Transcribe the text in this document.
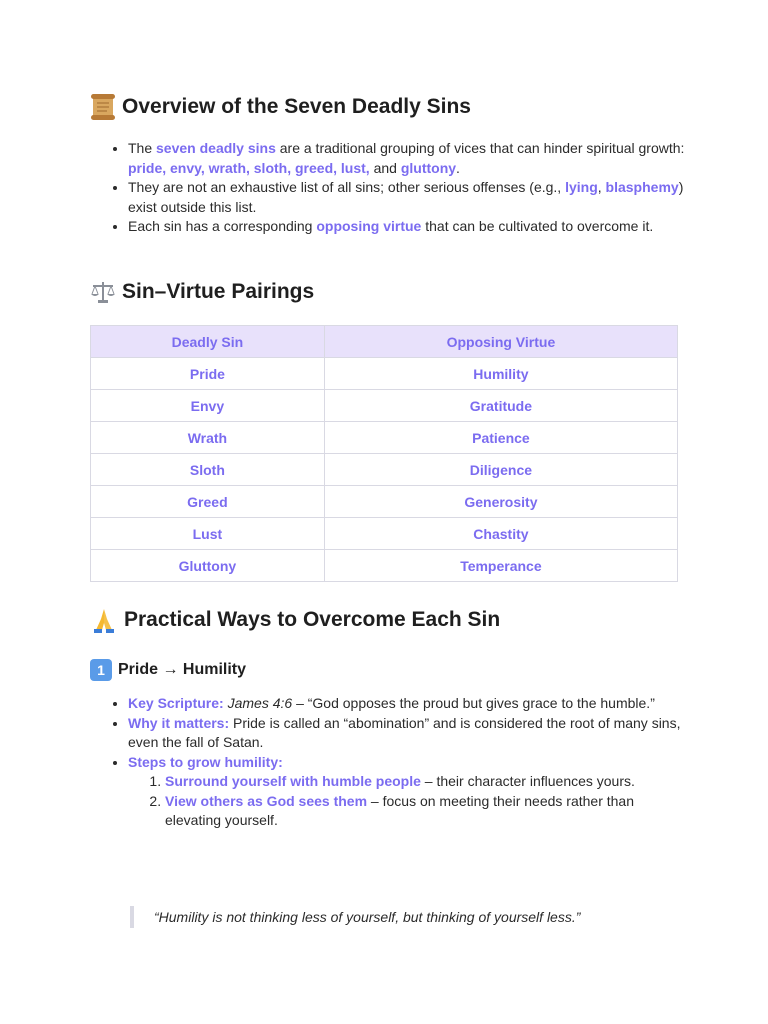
Overview of the Seven Deadly Sins
• The seven deadly sins are a traditional grouping of vices that can hinder spiritual growth: pride, envy, wrath, sloth, greed, lust, and gluttony.
• They are not an exhaustive list of all sins; other serious offenses (e.g., lying, blasphemy) exist outside this list.
• Each sin has a corresponding opposing virtue that can be cultivated to overcome it.
Sin–Virtue Pairings
Deadly Sin	Opposing Virtue
Pride	Humility
Envy	Gratitude
Wrath	Patience
Sloth	Diligence
Greed	Generosity
Lust	Chastity
Gluttony	Temperance
Practical Ways to Overcome Each Sin
1 Pride → Humility
• Key Scripture: James 4:6 – “God opposes the proud but gives grace to the humble.”
• Why it matters: Pride is called an “abomination” and is considered the root of many sins, even the fall of Satan.
• Steps to grow humility:
1. Surround yourself with humble people – their character influences yours.
2. View others as God sees them – focus on meeting their needs rather than elevating yourself.
“Humility is not thinking less of yourself, but thinking of yourself less.”
